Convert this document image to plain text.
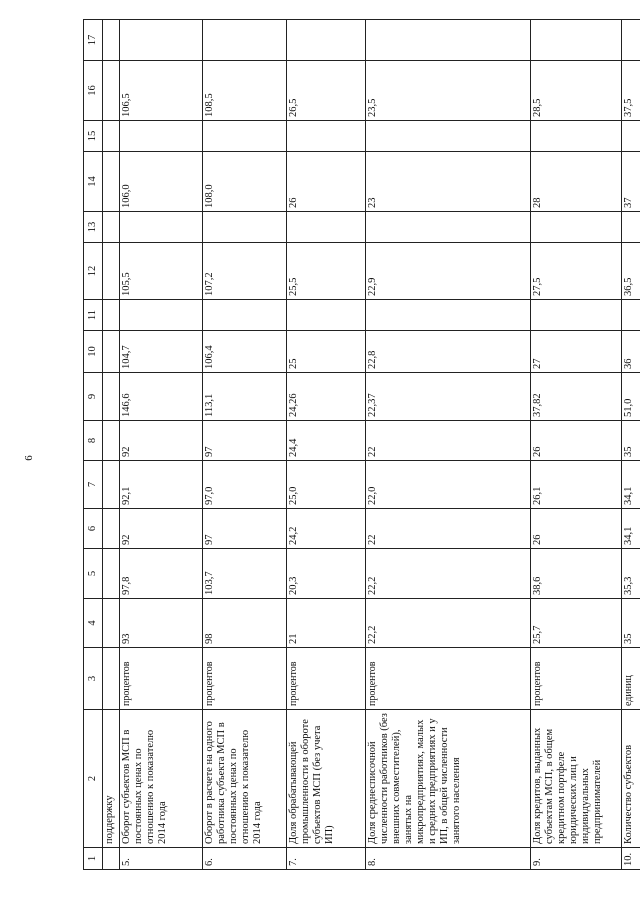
6
1	2	3	4	5	6	7	8	9	10	11	12	13	14	15	16	17
	поддержку															
5.	Оборот субъектов МСП в постоянных ценах по отношению к показателю 2014 года	процентов	93	97,8	92	92,1	92	146,6	104,7		105,5		106,0		106,5	
6.	Оборот в расчете на одного работника субъекта МСП в постоянных ценах по отношению к показателю 2014 года	процентов	98	103,7	97	97,0	97	113,1	106,4		107,2		108,0		108,5	
7.	Доля обрабатывающей промышленности в обороте субъектов МСП (без учета ИП)	процентов	21	20,3	24,2	25,0	24,4	24,26	25		25,5		26		26,5	
8.	Доля среднесписочной численности работников (без внешних совместителей), занятых на микропредприятиях, малых и средних предприятиях и у ИП, в общей численности занятого населения	процентов	22,2	22,2	22	22,0	22	22,37	22,8		22,9		23		23,5	
9.	Доля кредитов, выданных субъектам МСП, в общем кредитном портфеле юридических лиц и индивидуальных предпринимателей	процентов	25,7	38,6	26	26,1	26	37,82	27		27,5		28		28,5	
10.	Количество субъектов	единиц	35	35,3	34,1	34,1	35	51,0	36		36,5		37		37,5	
